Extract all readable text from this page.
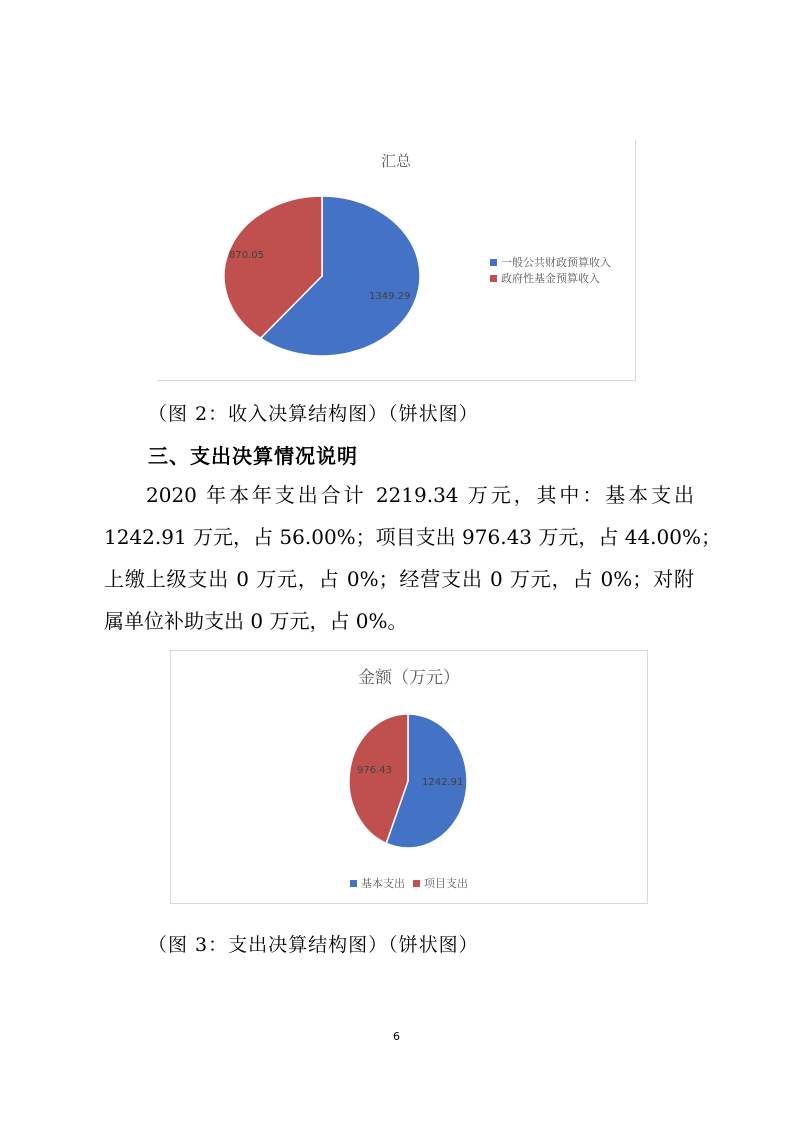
汇总
1349.29
870.05
一般公共财政预算收入
政府性基金预算收入
（图 2：收入决算结构图）（饼状图）
三、支出决算情况说明
2020 年本年支出合计 2219.34 万元，其中：基本支出
1242.91 万元，占 56.00%；项目支出 976.43 万元，占 44.00%；
上缴上级支出 0 万元，占 0%；经营支出 0 万元，占 0%；对附
属单位补助支出 0 万元，占 0%。
金额（万元）
1242.91
976.43
基本支出 项目支出
（图 3：支出决算结构图）（饼状图）
6
